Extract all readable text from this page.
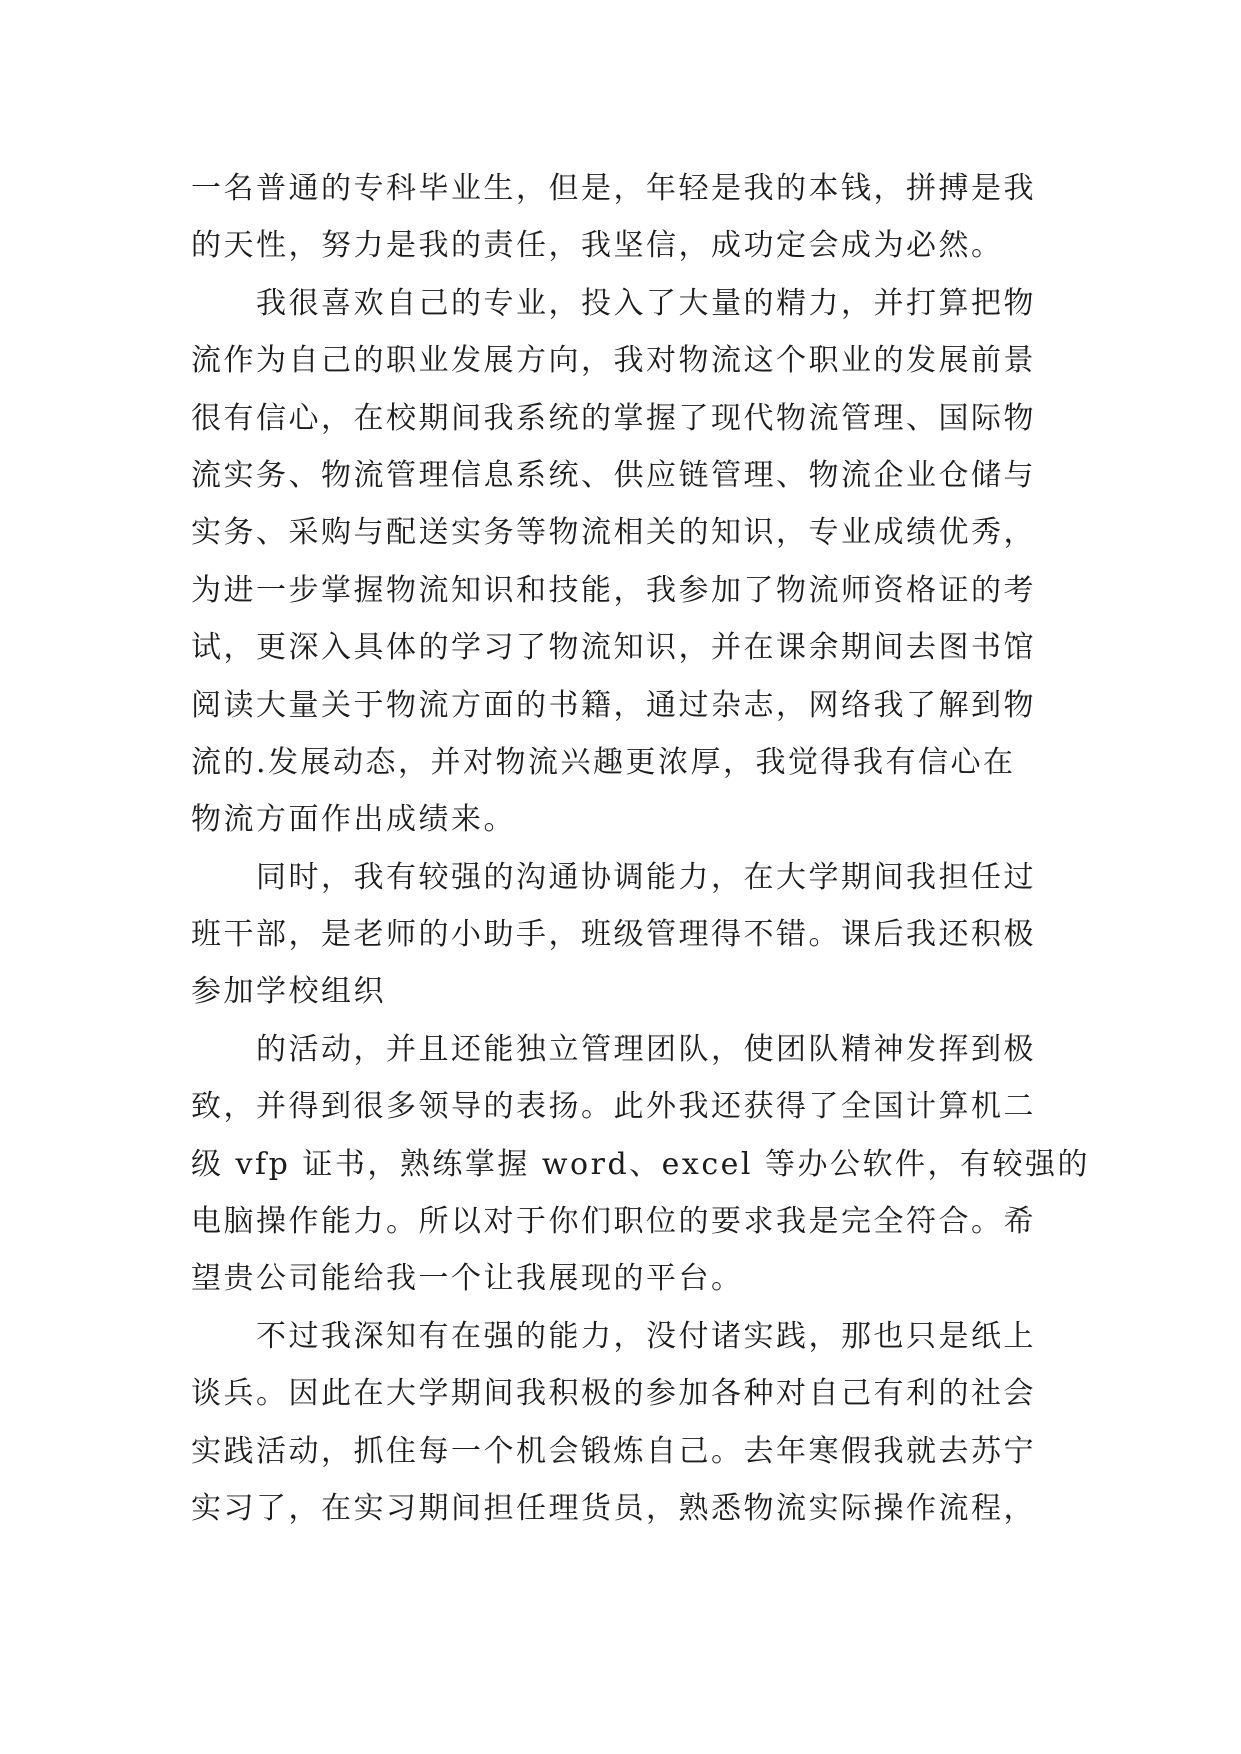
一名普通的专科毕业生，但是，年轻是我的本钱，拼搏是我
的天性，努力是我的责任，我坚信，成功定会成为必然。
　　我很喜欢自己的专业，投入了大量的精力，并打算把物
流作为自己的职业发展方向，我对物流这个职业的发展前景
很有信心，在校期间我系统的掌握了现代物流管理、国际物
流实务、物流管理信息系统、供应链管理、物流企业仓储与
实务、采购与配送实务等物流相关的知识，专业成绩优秀，
为进一步掌握物流知识和技能，我参加了物流师资格证的考
试，更深入具体的学习了物流知识，并在课余期间去图书馆
阅读大量关于物流方面的书籍，通过杂志，网络我了解到物
流的.发展动态，并对物流兴趣更浓厚，我觉得我有信心在
物流方面作出成绩来。
　　同时，我有较强的沟通协调能力，在大学期间我担任过
班干部，是老师的小助手，班级管理得不错。课后我还积极
参加学校组织
　　的活动，并且还能独立管理团队，使团队精神发挥到极
致，并得到很多领导的表扬。此外我还获得了全国计算机二
级 vfp 证书，熟练掌握 word、excel 等办公软件，有较强的
电脑操作能力。所以对于你们职位的要求我是完全符合。希
望贵公司能给我一个让我展现的平台。
　　不过我深知有在强的能力，没付诸实践，那也只是纸上
谈兵。因此在大学期间我积极的参加各种对自己有利的社会
实践活动，抓住每一个机会锻炼自己。去年寒假我就去苏宁
实习了，在实习期间担任理货员，熟悉物流实际操作流程，
